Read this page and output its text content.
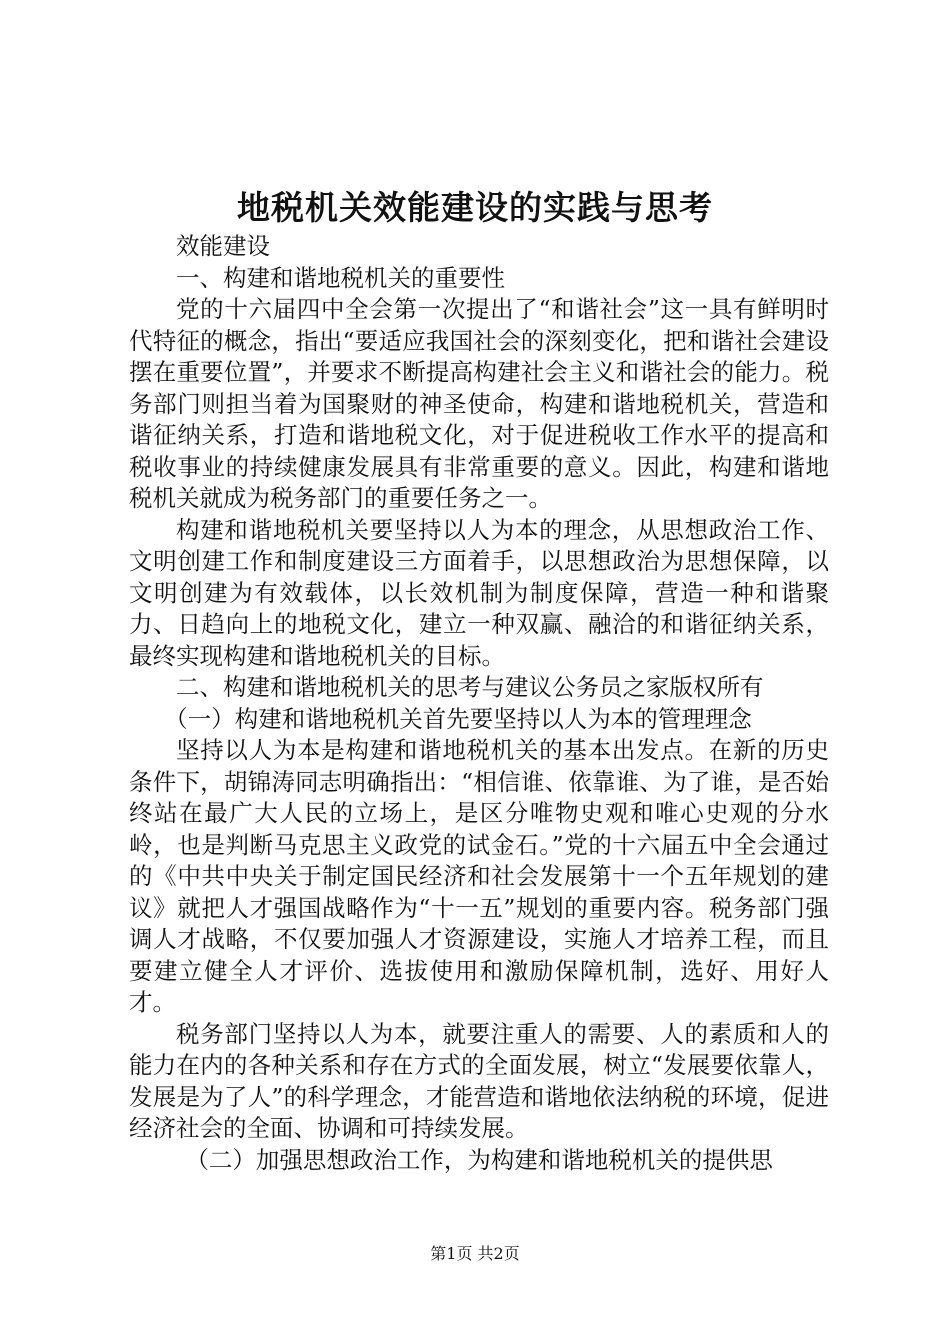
地税机关效能建设的实践与思考

效能建设

一、构建和谐地税机关的重要性

党的十六届四中全会第一次提出了“和谐社会”这一具有鲜明时代特征的概念，指出“要适应我国社会的深刻变化，把和谐社会建设摆在重要位置”，并要求不断提高构建社会主义和谐社会的能力。税务部门则担当着为国聚财的神圣使命，构建和谐地税机关，营造和谐征纳关系，打造和谐地税文化，对于促进税收工作水平的提高和税收事业的持续健康发展具有非常重要的意义。因此，构建和谐地税机关就成为税务部门的重要任务之一。

构建和谐地税机关要坚持以人为本的理念，从思想政治工作、文明创建工作和制度建设三方面着手，以思想政治为思想保障，以文明创建为有效载体，以长效机制为制度保障，营造一种和谐聚力、日趋向上的地税文化，建立一种双赢、融洽的和谐征纳关系，最终实现构建和谐地税机关的目标。

二、构建和谐地税机关的思考与建议公务员之家版权所有

（一）构建和谐地税机关首先要坚持以人为本的管理理念

坚持以人为本是构建和谐地税机关的基本出发点。在新的历史条件下，胡锦涛同志明确指出：“相信谁、依靠谁、为了谁，是否始终站在最广大人民的立场上，是区分唯物史观和唯心史观的分水岭，也是判断马克思主义政党的试金石。”党的十六届五中全会通过的《中共中央关于制定国民经济和社会发展第十一个五年规划的建议》就把人才强国战略作为“十一五”规划的重要内容。税务部门强调人才战略，不仅要加强人才资源建设，实施人才培养工程，而且要建立健全人才评价、选拔使用和激励保障机制，选好、用好人才。

税务部门坚持以人为本，就要注重人的需要、人的素质和人的能力在内的各种关系和存在方式的全面发展，树立“发展要依靠人，发展是为了人”的科学理念，才能营造和谐地依法纳税的环境，促进经济社会的全面、协调和可持续发展。

（二）加强思想政治工作，为构建和谐地税机关的提供思

第1页 共2页
